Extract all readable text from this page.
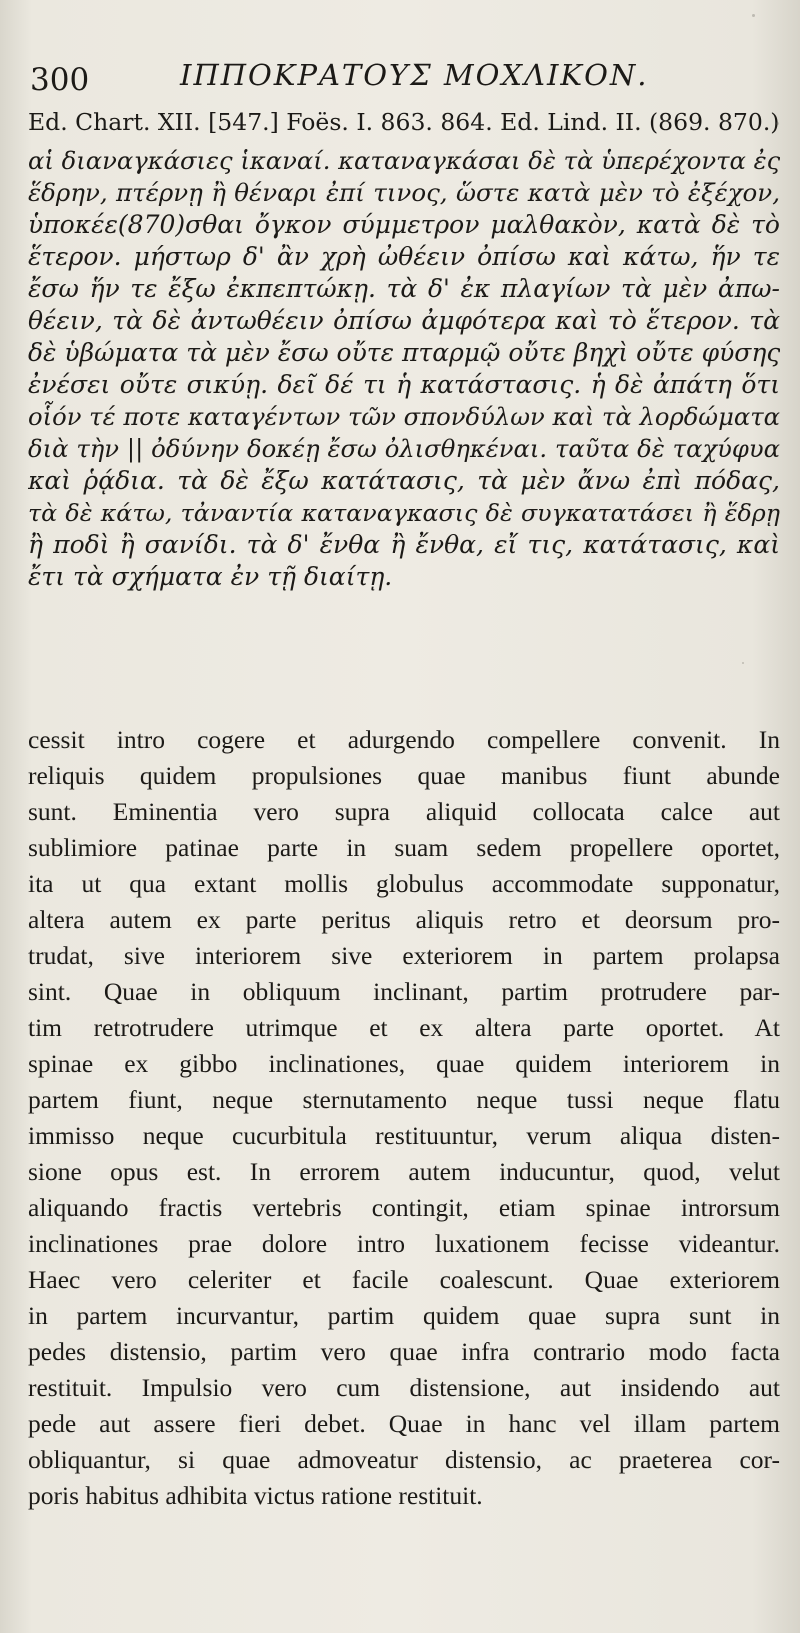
300	ΙΠΠΟΚΡΑΤΟΥΣ ΜΟΧΛΙΚΟΝ.
Ed. Chart. XII. [547.] Foës. I. 863. 864. Ed. Lind. II. (869. 870.)
αἱ διαναγκάσιες ἱκαναί. καταναγκάσαι δὲ τὰ ὑπερέχοντα ἐς
ἕδρην, πτέρνῃ ἢ θέναρι ἐπί τινος, ὥστε κατὰ μὲν τὸ ἐξέχον,
ὑποκέε(870)σθαι ὄγκον σύμμετρον μαλθακὸν, κατὰ δὲ τὸ
ἕτερον. μήστωρ δ' ἂν χρὴ ὠθέειν ὀπίσω καὶ κάτω, ἥν τε
ἔσω ἥν τε ἔξω ἐκπεπτώκῃ. τὰ δ' ἐκ πλαγίων τὰ μὲν ἀπω-
θέειν, τὰ δὲ ἀντωθέειν ὀπίσω ἀμφότερα καὶ τὸ ἕτερον. τὰ
δὲ ὑβώματα τὰ μὲν ἔσω οὔτε πταρμῷ οὔτε βηχὶ οὔτε φύσης
ἐνέσει οὔτε σικύῃ. δεῖ δέ τι ἡ κατάστασις. ἡ δὲ ἀπάτη ὅτι
οἷόν τέ ποτε καταγέντων τῶν σπονδύλων καὶ τὰ λορδώματα
διὰ τὴν || ὀδύνην δοκέῃ ἔσω ὀλισθηκέναι. ταῦτα δὲ ταχύφυα
καὶ ῥᾴδια. τὰ δὲ ἔξω κατάτασις, τὰ μὲν ἄνω ἐπὶ πόδας,
τὰ δὲ κάτω, τἀναντία καταναγκασις δὲ συγκατατάσει ἢ ἕδρῃ
ἢ ποδὶ ἢ σανίδι. τὰ δ' ἔνθα ἢ ἔνθα, εἴ τις, κατάτασις, καὶ
ἔτι τὰ σχήματα ἐν τῇ διαίτῃ.
cessit intro cogere et adurgendo compellere convenit. In
reliquis quidem propulsiones quae manibus fiunt abunde
sunt. Eminentia vero supra aliquid collocata calce aut
sublimiore patinae parte in suam sedem propellere oportet,
ita ut qua extant mollis globulus accommodate supponatur,
altera autem ex parte peritus aliquis retro et deorsum pro-
trudat, sive interiorem sive exteriorem in partem prolapsa
sint. Quae in obliquum inclinant, partim protrudere par-
tim retrotrudere utrimque et ex altera parte oportet. At
spinae ex gibbo inclinationes, quae quidem interiorem in
partem fiunt, neque sternutamento neque tussi neque flatu
immisso neque cucurbitula restituuntur, verum aliqua disten-
sione opus est. In errorem autem inducuntur, quod, velut
aliquando fractis vertebris contingit, etiam spinae introrsum
inclinationes prae dolore intro luxationem fecisse videantur.
Haec vero celeriter et facile coalescunt. Quae exteriorem
in partem incurvantur, partim quidem quae supra sunt in
pedes distensio, partim vero quae infra contrario modo facta
restituit. Impulsio vero cum distensione, aut insidendo aut
pede aut assere fieri debet. Quae in hanc vel illam partem
obliquantur, si quae admoveatur distensio, ac praeterea cor-
poris habitus adhibita victus ratione restituit.
